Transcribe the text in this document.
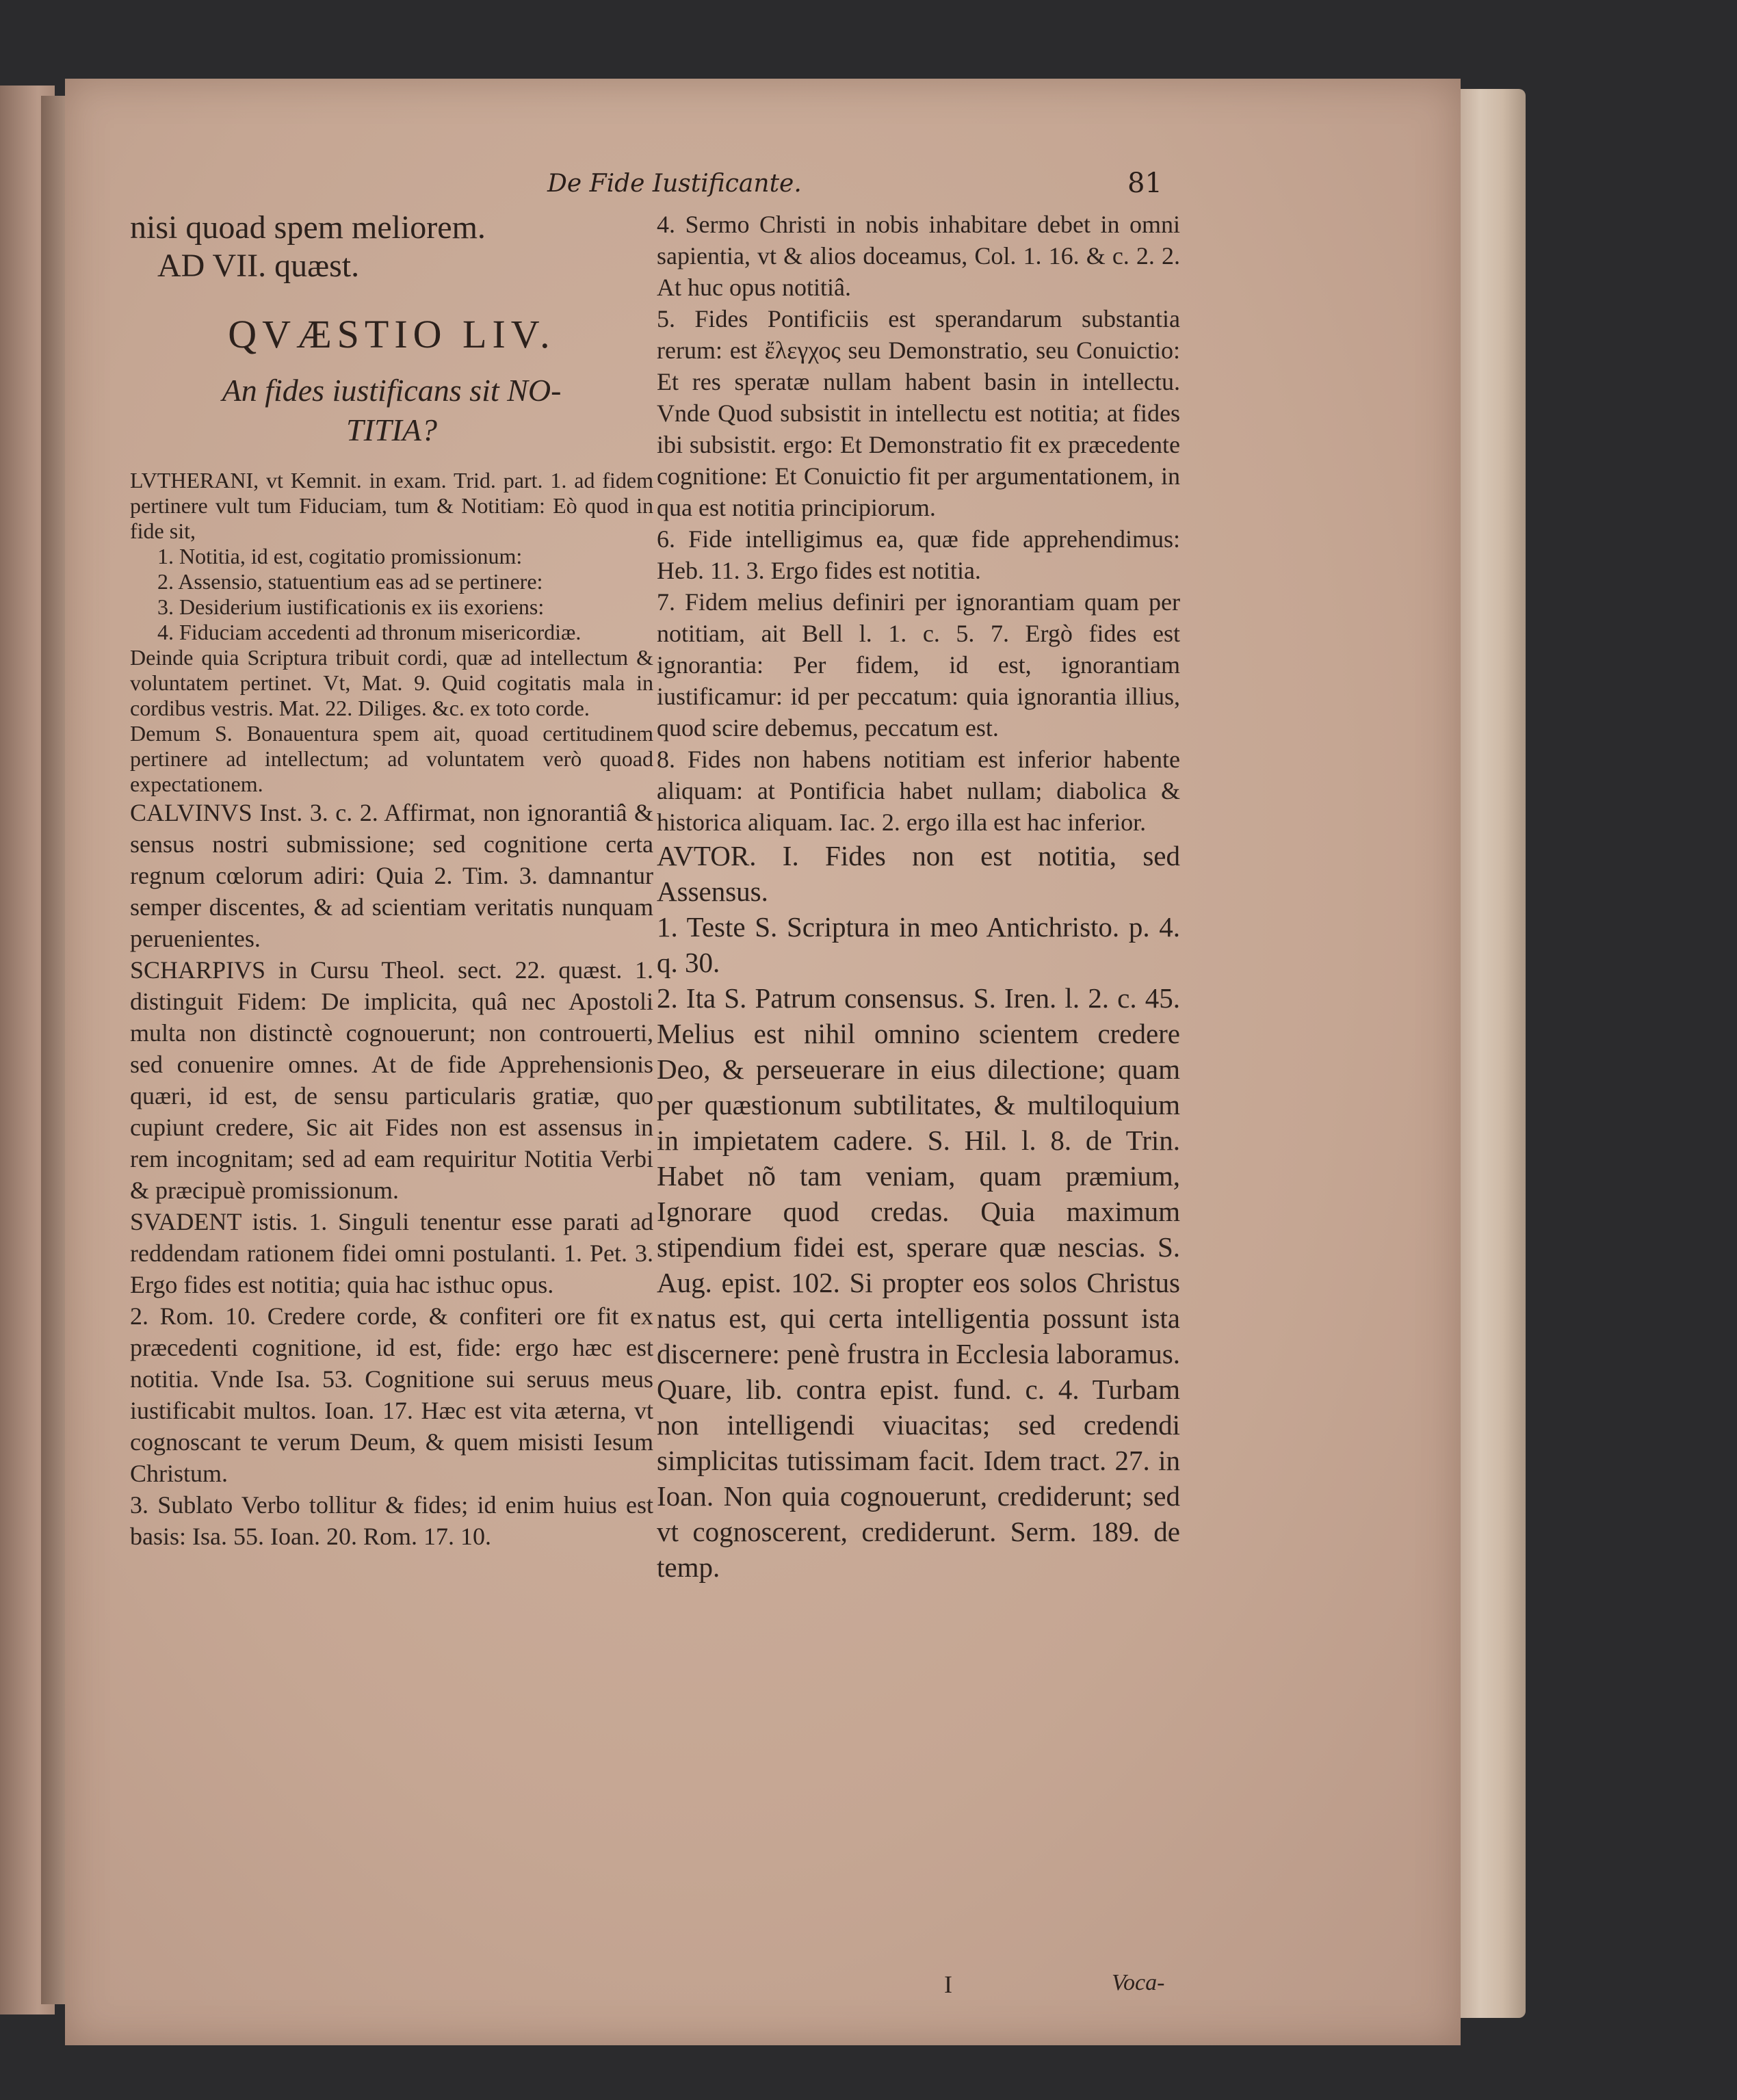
De Fide Iustificante.	81
nisi quoad spem meliorem.
AD VII. quæst.
QVÆSTIO LIV.
An fides iustificans sit NO-
TITIA?

LVTHERANI, vt Kemnit. in exam. Trid. part. 1. ad fidem pertinere vult tum Fiduciam, tum & Notitiam: Eò quod in fide sit,

1. Notitia, id est, cogitatio promissionum:

2. Assensio, statuentium eas ad se pertinere:

3. Desiderium iustificationis ex iis exoriens:

4. Fiduciam accedenti ad thronum misericordiæ.

Deinde quia Scriptura tribuit cordi, quæ ad intellectum & voluntatem pertinet. Vt, Mat. 9. Quid cogitatis mala in cordibus vestris. Mat. 22. Diliges. &c. ex toto corde.

Demum S. Bonauentura spem ait, quoad certitudinem pertinere ad intellectum; ad voluntatem verò quoad expectationem.

CALVINVS Inst. 3. c. 2. Affirmat, non ignorantiâ & sensus nostri submissione; sed cognitione certa regnum cœlorum adiri: Quia 2. Tim. 3. damnantur semper discentes, & ad scientiam veritatis nunquam peruenientes.

SCHARPIVS in Cursu Theol. sect. 22. quæst. 1. distinguit Fidem: De implicita, quâ nec Apostoli multa non distinctè cognouerunt; non controuerti, sed conuenire omnes. At de fide Apprehensionis quæri, id est, de sensu particularis gratiæ, quo cupiunt credere, Sic ait Fides non est assensus in rem incognitam; sed ad eam requiritur Notitia Verbi & præcipuè promissionum.

SVADENT istis. 1. Singuli tenentur esse parati ad reddendam rationem fidei omni postulanti. 1. Pet. 3. Ergo fides est notitia; quia hac isthuc opus.

2. Rom. 10. Credere corde, & confiteri ore fit ex præcedenti cognitione, id est, fide: ergo hæc est notitia. Vnde Isa. 53. Cognitione sui seruus meus iustificabit multos. Ioan. 17. Hæc est vita æterna, vt cognoscant te verum Deum, & quem misisti Iesum Christum.

3. Sublato Verbo tollitur & fides; id enim huius est basis: Isa. 55. Ioan. 20. Rom. 17. 10.

4. Sermo Christi in nobis inhabitare debet in omni sapientia, vt & alios doceamus, Col. 1. 16. & c. 2. 2. At huc opus notitiâ.

5. Fides Pontificiis est sperandarum substantia rerum: est ἔλεγχος seu Demonstratio, seu Conuictio: Et res speratæ nullam habent basin in intellectu. Vnde Quod subsistit in intellectu est notitia; at fides ibi subsistit. ergo: Et Demonstratio fit ex præcedente cognitione: Et Conuictio fit per argumentationem, in qua est notitia principiorum.

6. Fide intelligimus ea, quæ fide apprehendimus: Heb. 11. 3. Ergo fides est notitia.

7. Fidem melius definiri per ignorantiam quam per notitiam, ait Bell l. 1. c. 5. 7. Ergò fides est ignorantia: Per fidem, id est, ignorantiam iustificamur: id per peccatum: quia ignorantia illius, quod scire debemus, peccatum est.

8. Fides non habens notitiam est inferior habente aliquam: at Pontificia habet nullam; diabolica & historica aliquam. Iac. 2. ergo illa est hac inferior.

AVTOR. I. Fides non est notitia, sed Assensus.

1. Teste S. Scriptura in meo Antichristo. p. 4. q. 30.

2. Ita S. Patrum consensus. S. Iren. l. 2. c. 45. Melius est nihil omnino scientem credere Deo, & perseuerare in eius dilectione; quam per quæstionum subtilitates, & multiloquium in impietatem cadere. S. Hil. l. 8. de Trin. Habet nõ tam veniam, quam præmium, Ignorare quod credas. Quia maximum stipendium fidei est, sperare quæ nescias. S. Aug. epist. 102. Si propter eos solos Christus natus est, qui certa intelligentia possunt ista discernere: penè frustra in Ecclesia laboramus. Quare, lib. contra epist. fund. c. 4. Turbam non intelligendi viuacitas; sed credendi simplicitas tutissimam facit. Idem tract. 27. in Ioan. Non quia cognouerunt, crediderunt; sed vt cognoscerent, crediderunt. Serm. 189. de temp.

I	Voca-
